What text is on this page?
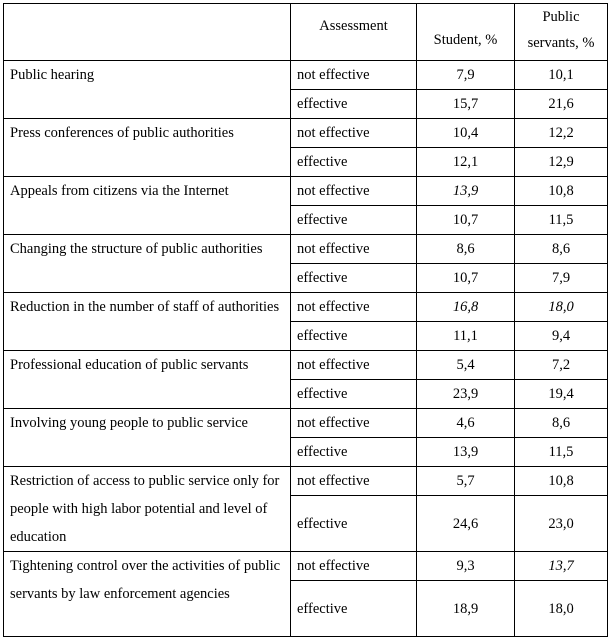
	Assessment	Student, %	Public servants, %
Public hearing	not effective	7,9	10,1
	effective	15,7	21,6
Press conferences of public authorities	not effective	10,4	12,2
	effective	12,1	12,9
Appeals from citizens via the Internet	not effective	13,9	10,8
	effective	10,7	11,5
Changing the structure of public authorities	not effective	8,6	8,6
	effective	10,7	7,9
Reduction in the number of staff of authorities	not effective	16,8	18,0
	effective	11,1	9,4
Professional education of public servants	not effective	5,4	7,2
	effective	23,9	19,4
Involving young people to public service	not effective	4,6	8,6
	effective	13,9	11,5
Restriction of access to public service only for people with high labor potential and level of education	not effective	5,7	10,8
	effective	24,6	23,0
Tightening control over the activities of public servants by law enforcement agencies	not effective	9,3	13,7
	effective	18,9	18,0
